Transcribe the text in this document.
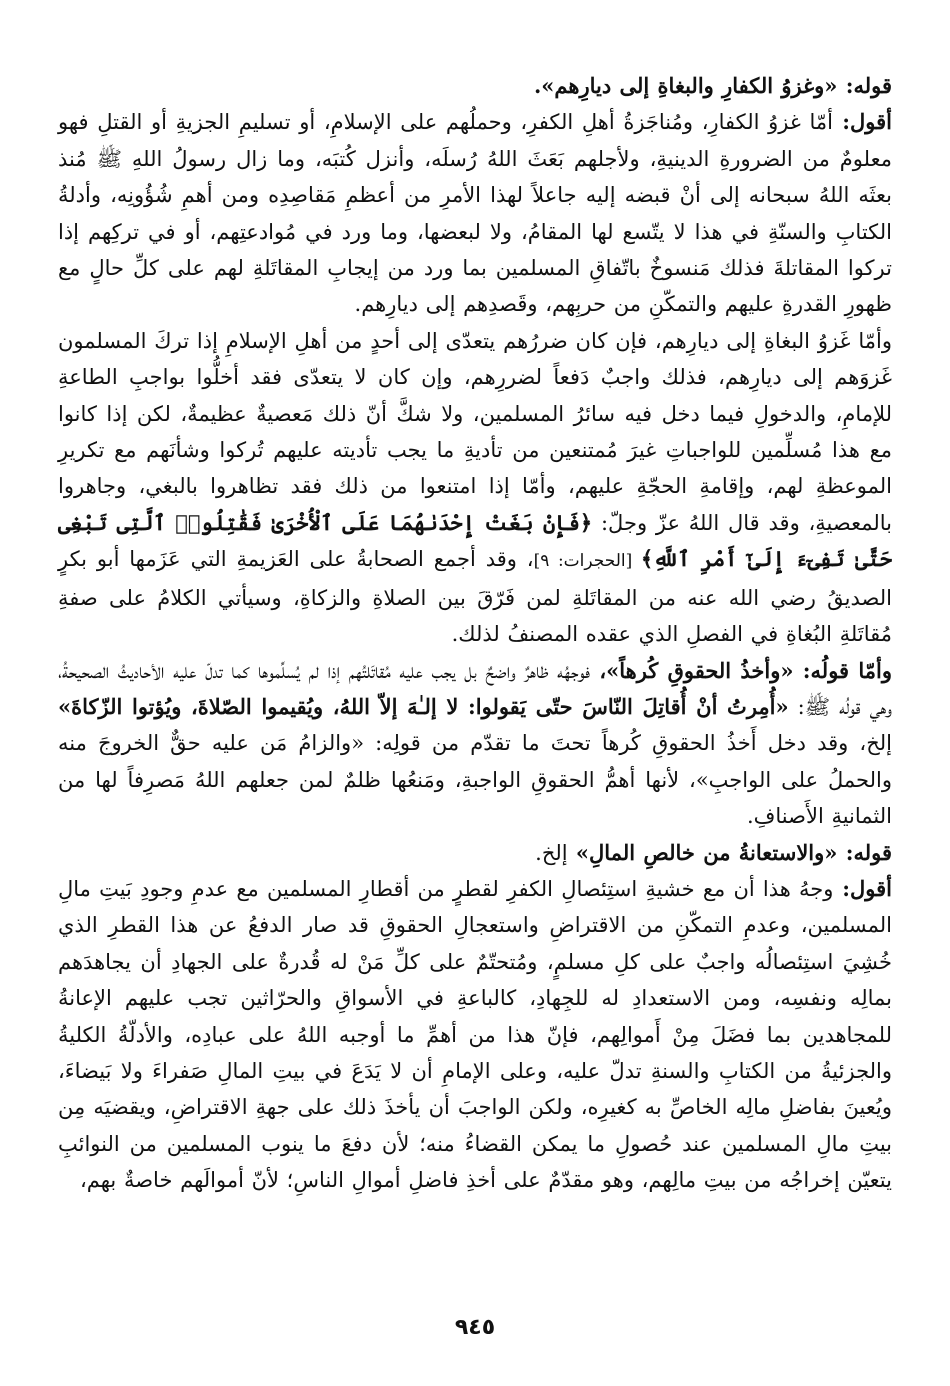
قوله: «وغزوُ الكفارِ والبغاةِ إلى ديارِهم».

أقول: أمّا غزوُ الكفارِ، ومُناجَزةُ أهلِ الكفرِ، وحملُهم على الإسلامِ، أو تسليمِ الجزيةِ أو القتلِ فهو معلومٌ من الضرورةِ الدينيةِ، ولأجلهم بَعَثَ اللهُ رُسلَه، وأنزل كُتبَه، وما زال رسولُ اللهِ ﷺ مُنذ بعثَه اللهُ سبحانه إلى أنْ قبضه إليه جاعلاً لهذا الأمرِ من أعظمِ مَقاصِدِه ومن أهمِ شُؤُونِه، وأدلةُ الكتابِ والسنّةِ في هذا لا يتّسع لها المقامُ، ولا لبعضها، وما ورد في مُوادعتِهم، أو في تركِهم إذا تركوا المقاتلةَ فذلك مَنسوخٌ باتّفاقِ المسلمين بما ورد من إيجابِ المقاتَلةِ لهم على كلِّ حالٍ مع ظهورِ القدرةِ عليهم والتمكّنِ من حربِهم، وقَصدِهم إلى ديارِهم.

وأمّا غَزوُ البغاةِ إلى ديارِهم، فإن كان ضررُهم يتعدّى إلى أحدٍ من أهلِ الإسلامِ إذا تركَ المسلمون غَزوَهم إلى ديارِهم، فذلك واجبٌ دَفعاً لضررِهم، وإن كان لا يتعدّى فقد أخلُّوا بواجبِ الطاعةِ للإمامِ، والدخولِ فيما دخل فيه سائرُ المسلمين، ولا شكَّ أنّ ذلك مَعصيةٌ عظيمةٌ، لكن إذا كانوا مع هذا مُسلِّمين للواجباتِ غيرَ مُمتنعين من تأديةِ ما يجب تأديته عليهم تُركوا وشأنَهم مع تكريرِ الموعظةِ لهم، وإقامةِ الحجّةِ عليهم، وأمّا إذا امتنعوا من ذلك فقد تظاهروا بالبغي، وجاهروا بالمعصيةِ، وقد قال اللهُ عزّ وجلّ: ﴿فَإِنْ بَغَتْ إِحْدَىٰهُمَا عَلَى ٱلْأُخْرَىٰ فَقَٰتِلُوا۟ ٱلَّتِى تَبْغِى حَتَّىٰ تَفِىٓءَ إِلَىٰٓ أَمْرِ ٱللَّهِ﴾ [الحجرات: ٩]، وقد أجمع الصحابةُ على العَزيمةِ التي عَزَمها أبو بكرٍ الصديقُ رضي الله عنه من المقاتَلةِ لمن فَرّقَ بين الصلاةِ والزكاةِ، وسيأتي الكلامُ على صفةِ مُقاتَلةِ البُغاةِ في الفصلِ الذي عقده المصنفُ لذلك.

وأمّا قولُه: «وأخذُ الحقوقِ كُرهاً»، فوجهُه ظاهرٌ واضحٌ بل يجب عليه مُقاتَلتُهم إذا لم يُسلِّموها كما تدلّ عليه الأحاديثُ الصحيحةُ، وهي قولُه ﷺ: «أُمِرتُ أنْ أُقاتِلَ النّاسَ حتّى يَقولوا: لا إلـٰهَ إلاّ اللهُ، ويُقيموا الصّلاةَ، ويُؤتوا الزّكاةَ» إلخ، وقد دخل أَخذُ الحقوقِ كُرهاً تحتَ ما تقدّم من قولِه: «والزامُ مَن عليه حقٌّ الخروجَ منه والحملُ على الواجبِ»، لأنها أهمُّ الحقوقِ الواجبةِ، ومَنعُها ظلمٌ لمن جعلهم اللهُ مَصرِفاً لها من الثمانيةِ الأَصنافِ.

قوله: «والاستعانةُ من خالصِ المالِ» إلخ.

أقول: وجهُ هذا أن مع خشيةِ استِئصالِ الكفرِ لقطرٍ من أقطارِ المسلمين مع عدمِ وجودِ بَيتِ مالِ المسلمين، وعدمِ التمكّنِ من الاقتراضِ واستعجالِ الحقوقِ قد صار الدفعُ عن هذا القطرِ الذي خُشِيَ استِئصالُه واجبٌ على كلِ مسلمٍ، ومُتحتّمٌ على كلِّ مَنْ له قُدرةٌ على الجهادِ أن يجاهدَهم بمالِه ونفسِه، ومن الاستعدادِ له للجِهادِ، كالباعةِ في الأسواقِ والحرّاثين تجب عليهم الإعانةُ للمجاهدين بما فضَلَ مِنْ أَموالِهم، فإنّ هذا من أهمِّ ما أوجبه اللهُ على عبادِه، والأدلّةُ الكليةُ والجزئيةُ من الكتابِ والسنةِ تدلّ عليه، وعلى الإمامِ أن لا يَدَعَ في بيتِ المالِ صَفراءَ ولا بَيضاءَ، ويُعينَ بفاضلِ مالِه الخاصِّ به كغيرِه، ولكن الواجبَ أن يأخذَ ذلك على جهةِ الاقتراضِ، ويقضيَه مِن بيتِ مالِ المسلمين عند حُصولِ ما يمكن القضاءُ منه؛ لأن دفعَ ما ينوب المسلمين من النوائبِ يتعيّن إخراجُه من بيتِ مالِهم، وهو مقدّمٌ على أخذِ فاضلِ أموالِ الناسِ؛ لأنّ أموالَهم خاصةٌ بهم،

٩٤٥
